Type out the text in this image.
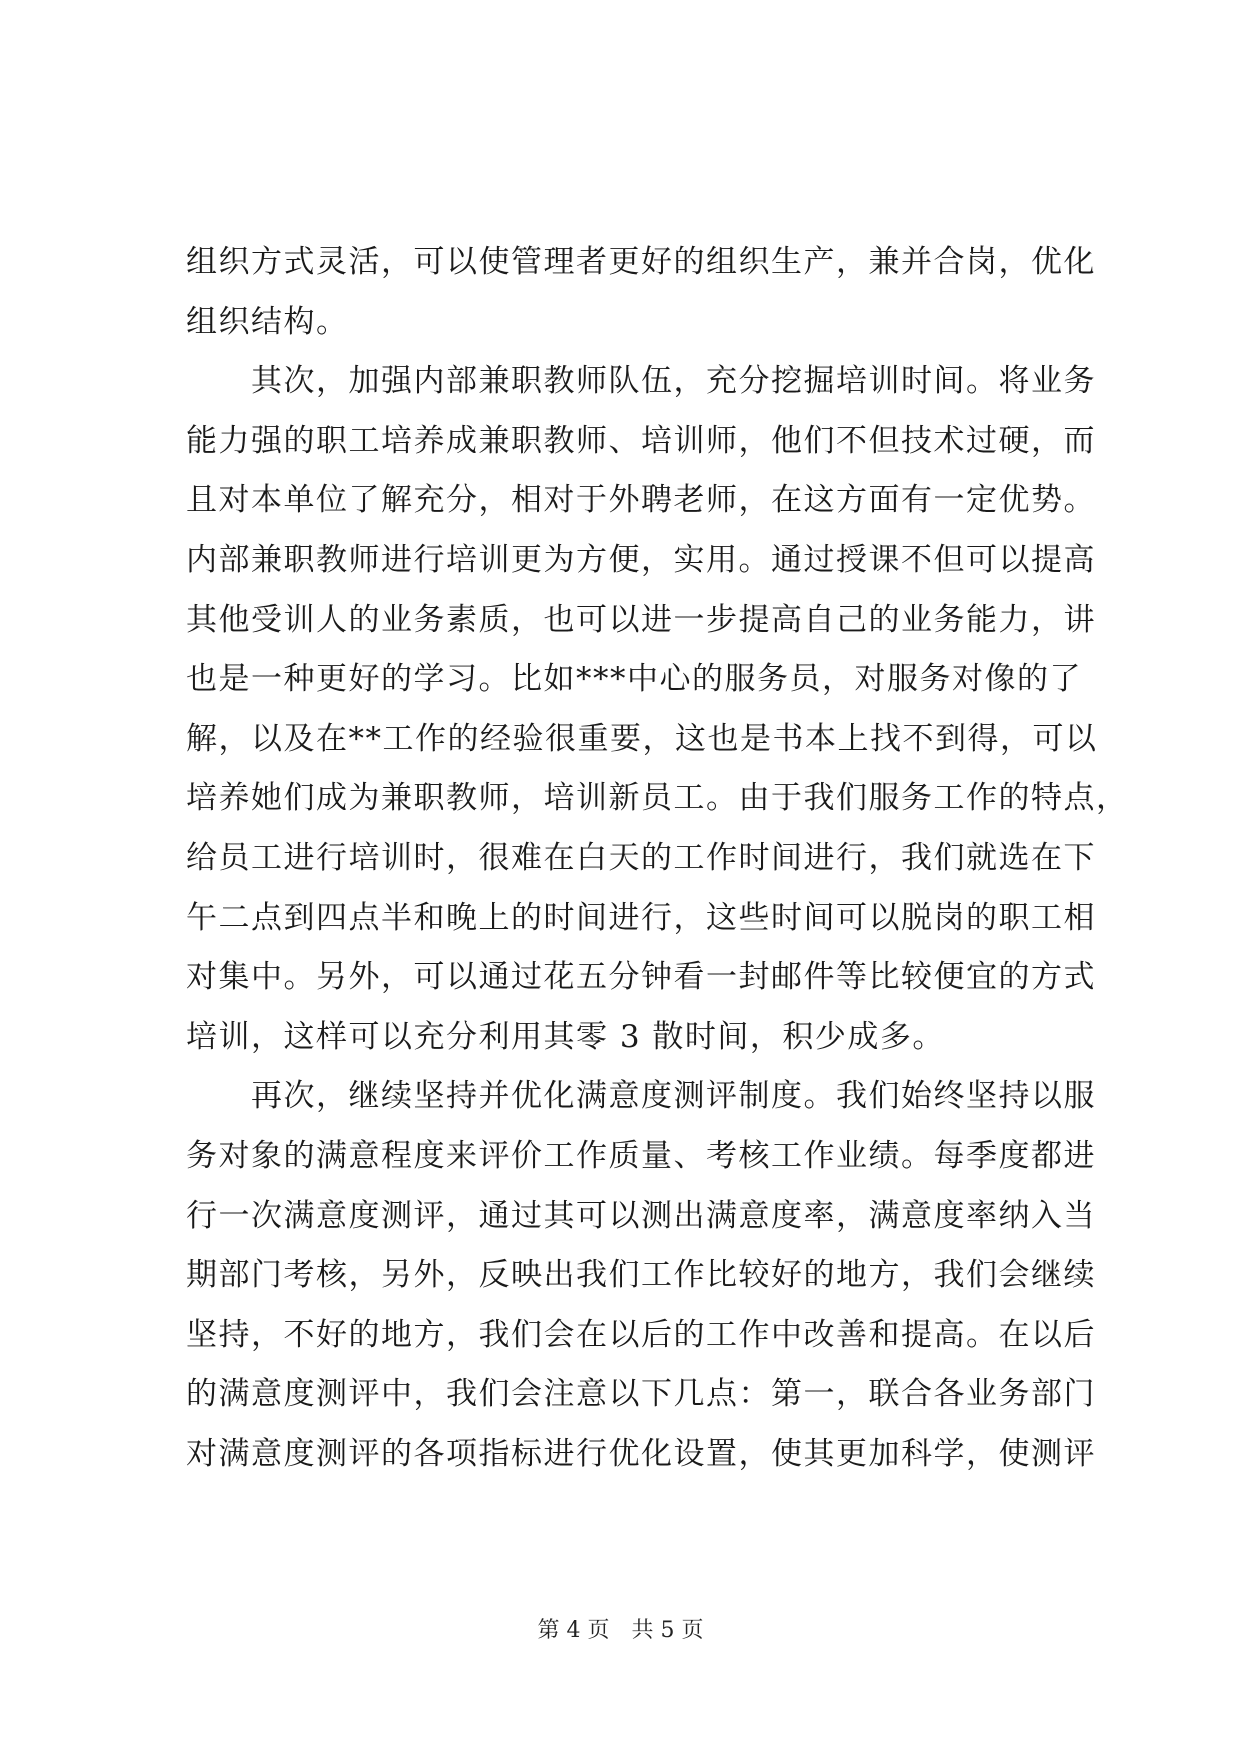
组织方式灵活，可以使管理者更好的组织生产，兼并合岗，优化
组织结构。
　　其次，加强内部兼职教师队伍，充分挖掘培训时间。将业务
能力强的职工培养成兼职教师、培训师，他们不但技术过硬，而
且对本单位了解充分，相对于外聘老师，在这方面有一定优势。
内部兼职教师进行培训更为方便，实用。通过授课不但可以提高
其他受训人的业务素质，也可以进一步提高自己的业务能力，讲
也是一种更好的学习。比如***中心的服务员，对服务对像的了
解，以及在**工作的经验很重要，这也是书本上找不到得，可以
培养她们成为兼职教师，培训新员工。由于我们服务工作的特点，
给员工进行培训时，很难在白天的工作时间进行，我们就选在下
午二点到四点半和晚上的时间进行，这些时间可以脱岗的职工相
对集中。另外，可以通过花五分钟看一封邮件等比较便宜的方式
培训，这样可以充分利用其零 3 散时间，积少成多。
　　再次，继续坚持并优化满意度测评制度。我们始终坚持以服
务对象的满意程度来评价工作质量、考核工作业绩。每季度都进
行一次满意度测评，通过其可以测出满意度率，满意度率纳入当
期部门考核，另外，反映出我们工作比较好的地方，我们会继续
坚持，不好的地方，我们会在以后的工作中改善和提高。在以后
的满意度测评中，我们会注意以下几点：第一，联合各业务部门
对满意度测评的各项指标进行优化设置，使其更加科学，使测评
第 4 页　共 5 页
